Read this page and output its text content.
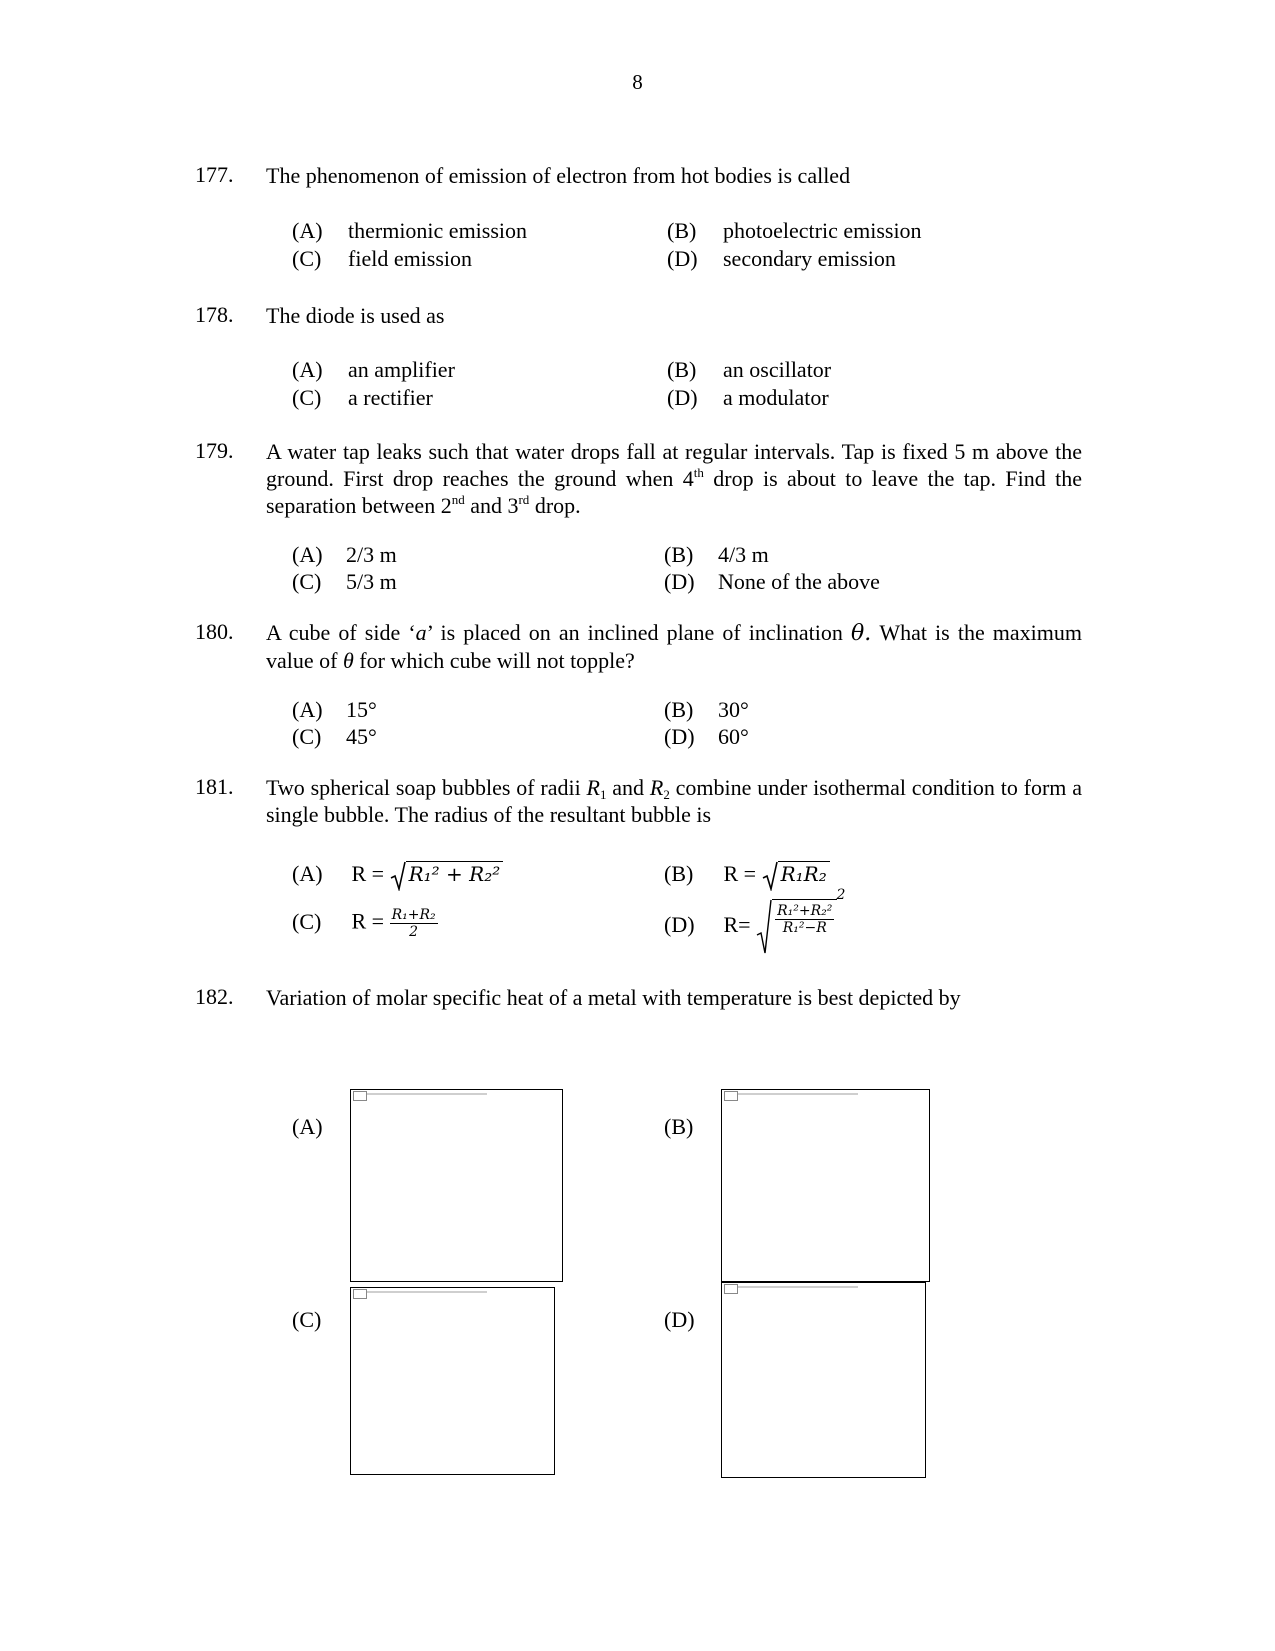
8
177. The phenomenon of emission of electron from hot bodies is called
(A) thermionic emission	(B) photoelectric emission
(C) field emission	(D) secondary emission
178. The diode is used as
(A) an amplifier	(B) an oscillator
(C) a rectifier	(D) a modulator
179. A water tap leaks such that water drops fall at regular intervals. Tap is fixed 5 m above the ground. First drop reaches the ground when 4th drop is about to leave the tap. Find the separation between 2nd and 3rd drop.
(A) 2/3 m	(B) 4/3 m
(C) 5/3 m	(D) None of the above
180. A cube of side ‘a’ is placed on an inclined plane of inclination θ. What is the maximum value of θ for which cube will not topple?
(A) 15°	(B) 30°
(C) 45°	(D) 60°
181. Two spherical soap bubbles of radii $R_1$ and $R_2$ combine under isothermal condition to form a single bubble. The radius of the resultant bubble is
(A) R = R₁² + R₂²	(B) R = R₁R₂
(C) $R = \frac{\text{R₁+R₂}}{2}$	(D) $R= \frac{\text{R₁²+R₂²}}{\text{R₁²−R}}$
2
182. Variation of molar specific heat of a metal with temperature is best depicted by
(A)	(B)
(C)	(D)
